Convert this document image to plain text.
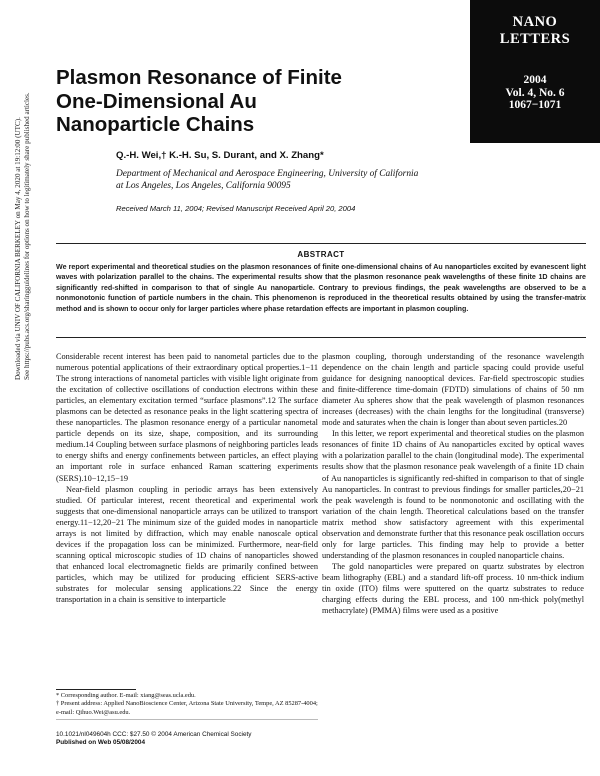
NANO
LETTERS
2004
Vol. 4, No. 6
1067−1071
Plasmon Resonance of Finite One-Dimensional Au Nanoparticle Chains
Q.-H. Wei,† K.-H. Su, S. Durant, and X. Zhang*
Department of Mechanical and Aerospace Engineering, University of California
at Los Angeles, Los Angeles, California 90095
Received March 11, 2004; Revised Manuscript Received April 20, 2004
ABSTRACT

We report experimental and theoretical studies on the plasmon resonances of finite one-dimensional chains of Au nanoparticles excited by evanescent light waves with polarization parallel to the chains. The experimental results show that the plasmon resonance peak wavelengths of these finite 1D chains are significantly red-shifted in comparison to that of single Au nanoparticle. Contrary to previous findings, the peak wavelengths are observed to be a nonmonotonic function of particle numbers in the chain. This phenomenon is reproduced in the theoretical results obtained by using the transfer-matrix method and is shown to occur only for larger particles where phase retardation effects are important in plasmon coupling.

Considerable recent interest has been paid to nanometal particles due to the numerous potential applications of their extraordinary optical properties.1−11 The strong interactions of nanometal particles with visible light originate from the excitation of collective oscillations of conduction electrons within these particles, an elementary excitation termed “surface plasmons”.12 The surface plasmons can be detected as resonance peaks in the light scattering spectra of these nanoparticles. The plasmon resonance energy of a particular nanometal particle depends on its size, shape, composition, and its surrounding medium.14 Coupling between surface plasmons of neighboring particles leads to energy shifts and energy confinements between particles, an effect playing an important role in surface enhanced Raman scattering experiments (SERS).10−12,15−19

Near-field plasmon coupling in periodic arrays has been extensively studied. Of particular interest, recent theoretical and experimental work suggests that one-dimensional nanoparticle arrays can be utilized to transport energy.11−12,20−21 The minimum size of the guided modes in nanoparticle arrays is not limited by diffraction, which may enable nanoscale optical devices if the propagation loss can be minimized. Furthermore, near-field scanning optical microscopic studies of 1D chains of nanoparticles showed that enhanced local electromagnetic fields are primarily confined between particles, which may be utilized for producing efficient SERS-active substrates for molecular sensing applications.22 Since the energy transportation in a chain is sensitive to interparticle

plasmon coupling, thorough understanding of the resonance wavelength dependence on the chain length and particle spacing could provide useful guidance for designing nanooptical devices. Far-field spectroscopic studies and finite-difference time-domain (FDTD) simulations of chains of 50 nm diameter Au spheres show that the peak wavelength of plasmon resonances increases (decreases) with the chain lengths for the longitudinal (transverse) mode and saturates when the chain is longer than about seven particles.20

In this letter, we report experimental and theoretical studies on the plasmon resonances of finite 1D chains of Au nanoparticles excited by optical waves with a polarization parallel to the chain (longitudinal mode). The experimental results show that the plasmon resonance peak wavelength of a finite 1D chain of Au nanoparticles is significantly red-shifted in comparison to that of single Au nanoparticles. In contrast to previous findings for smaller particles,20−21 the peak wavelength is found to be nonmonotonic and oscillating with the variation of the chain length. Theoretical calculations based on the transfer matrix method show satisfactory agreement with this experimental observation and demonstrate further that this resonance peak oscillation occurs only for large particles. This finding may help to provide a better understanding of the plasmon resonances in coupled nanoparticle chains.

The gold nanoparticles were prepared on quartz substrates by electron beam lithography (EBL) and a standard lift-off process. 10 nm-thick indium tin oxide (ITO) films were sputtered on the quartz substrates to reduce charging effects during the EBL process, and 100 nm-thick poly(methyl methacrylate) (PMMA) films were used as a positive

* Corresponding author. E-mail: xiang@seas.ucla.edu.
† Present address: Applied NanoBioscience Center, Arizona State University, Tempe, AZ 85287-4004; e-mail: Qihuo.Wei@asu.edu.
10.1021/nl049604h CCC: $27.50 © 2004 American Chemical Society
Published on Web 05/08/2004
Downloaded via UNIV OF CALIFORNIA BERKELEY on May 4, 2020 at 19:12:00 (UTC). See https://pubs.acs.org/sharingguidelines for options on how to legitimately share published articles.
